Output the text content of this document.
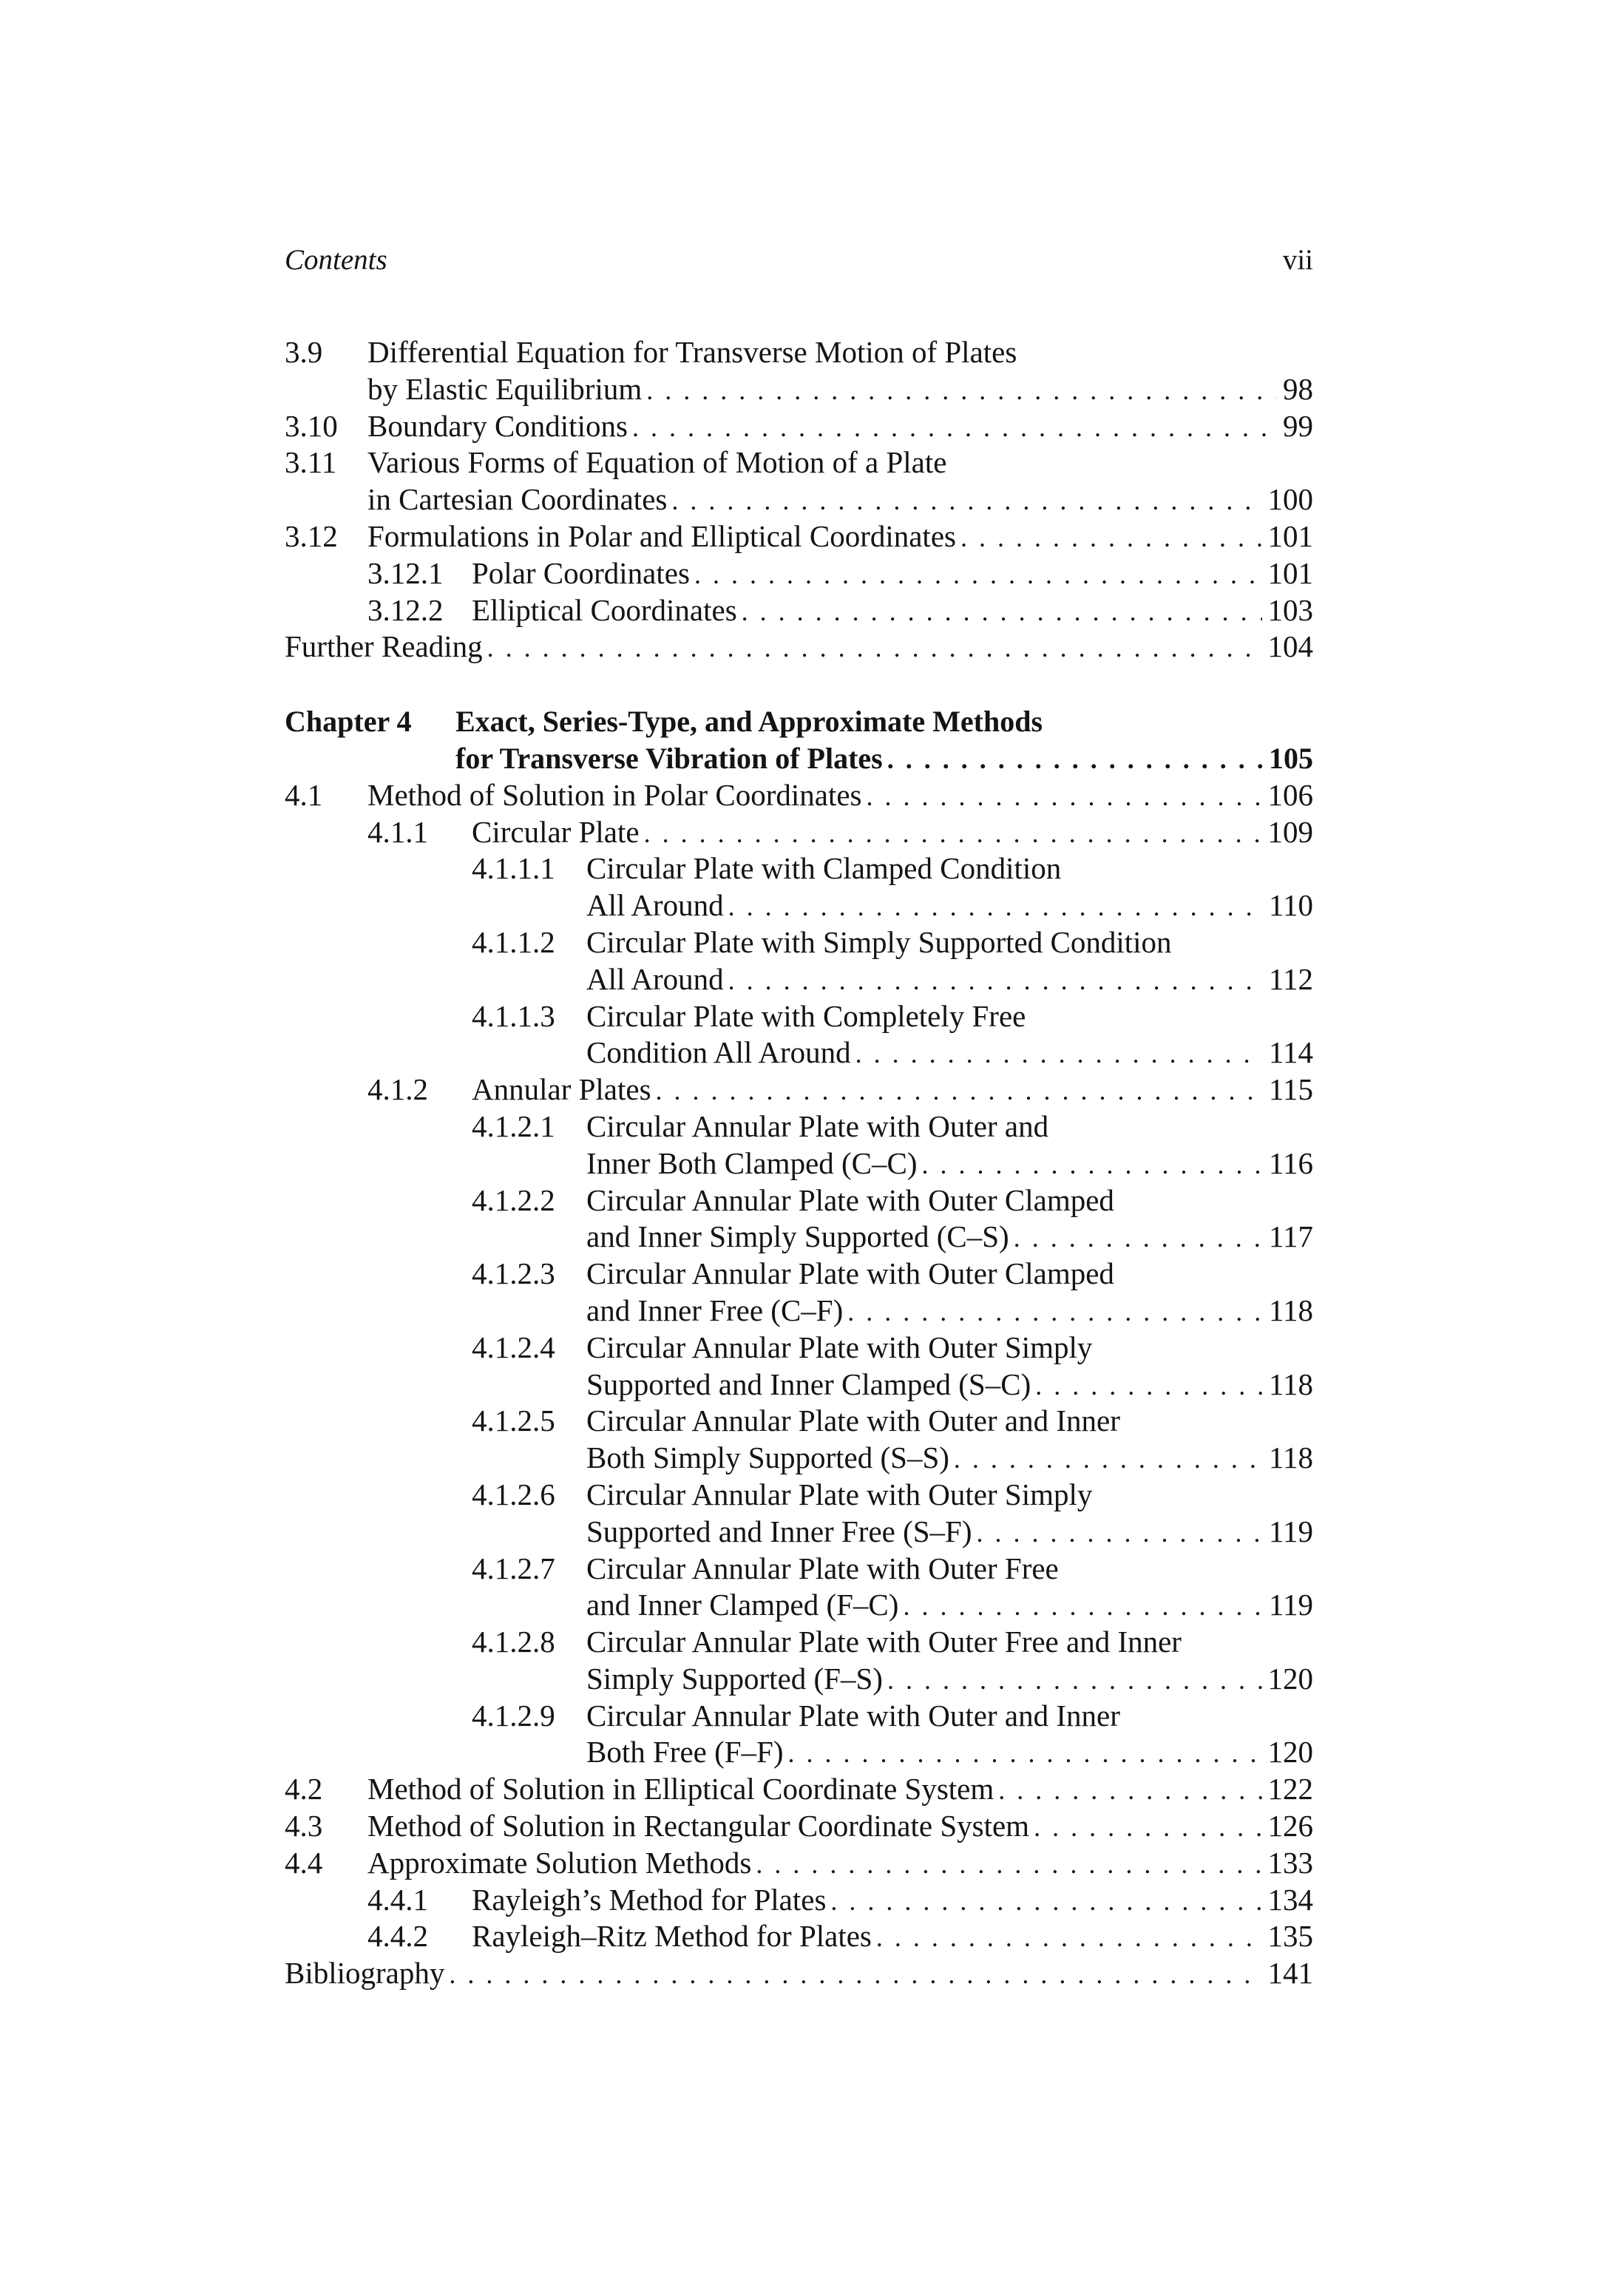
Contents	vii
3.9 Differential Equation for Transverse Motion of Plates
by Elastic Equilibrium . . .	98
3.10 Boundary Conditions . . .	99
3.11 Various Forms of Equation of Motion of a Plate
in Cartesian Coordinates . . .	100
3.12 Formulations in Polar and Elliptical Coordinates . . .	101
3.12.1 Polar Coordinates . . .	101
3.12.2 Elliptical Coordinates . . .	103
Further Reading . . .	104
Chapter 4 Exact, Series-Type, and Approximate Methods
for Transverse Vibration of Plates . . .	105
4.1 Method of Solution in Polar Coordinates . . .	106
4.1.1 Circular Plate . . .	109
4.1.1.1 Circular Plate with Clamped Condition
All Around . . .	110
4.1.1.2 Circular Plate with Simply Supported Condition
All Around . . .	112
4.1.1.3 Circular Plate with Completely Free
Condition All Around . . .	114
4.1.2 Annular Plates . . .	115
4.1.2.1 Circular Annular Plate with Outer and
Inner Both Clamped (C–C) . . .	116
4.1.2.2 Circular Annular Plate with Outer Clamped
and Inner Simply Supported (C–S) . . .	117
4.1.2.3 Circular Annular Plate with Outer Clamped
and Inner Free (C–F) . . .	118
4.1.2.4 Circular Annular Plate with Outer Simply
Supported and Inner Clamped (S–C) . . .	118
4.1.2.5 Circular Annular Plate with Outer and Inner
Both Simply Supported (S–S) . . .	118
4.1.2.6 Circular Annular Plate with Outer Simply
Supported and Inner Free (S–F) . . .	119
4.1.2.7 Circular Annular Plate with Outer Free
and Inner Clamped (F–C) . . .	119
4.1.2.8 Circular Annular Plate with Outer Free and Inner
Simply Supported (F–S) . . .	120
4.1.2.9 Circular Annular Plate with Outer and Inner
Both Free (F–F) . . .	120
4.2 Method of Solution in Elliptical Coordinate System . . .	122
4.3 Method of Solution in Rectangular Coordinate System . . .	126
4.4 Approximate Solution Methods . . .	133
4.4.1 Rayleigh’s Method for Plates . . .	134
4.4.2 Rayleigh–Ritz Method for Plates . . .	135
Bibliography . . .	141
